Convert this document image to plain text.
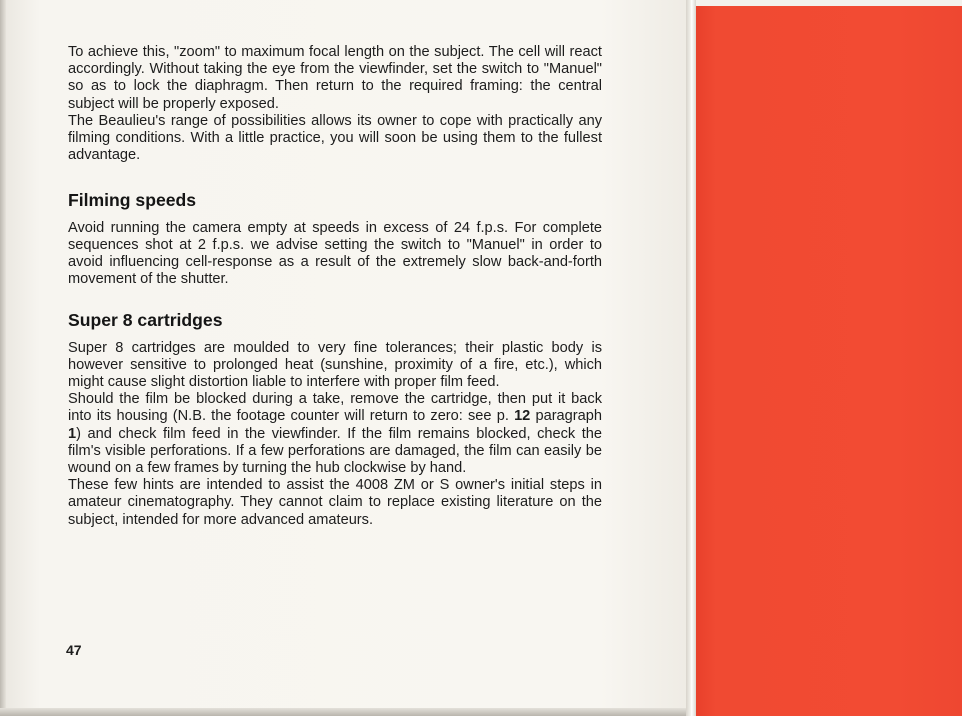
To achieve this, "zoom" to maximum focal length on the subject. The cell will react accordingly. Without taking the eye from the viewfinder, set the switch to "Manuel" so as to lock the diaphragm. Then return to the required framing: the central subject will be properly exposed.

The Beaulieu's range of possibilities allows its owner to cope with practically any filming conditions. With a little practice, you will soon be using them to the fullest advantage.

Filming speeds

Avoid running the camera empty at speeds in excess of 24 f.p.s. For complete sequences shot at 2 f.p.s. we advise setting the switch to "Manuel" in order to avoid influencing cell-response as a result of the extremely slow back-and-forth movement of the shutter.

Super 8 cartridges

Super 8 cartridges are moulded to very fine tolerances; their plastic body is however sensitive to prolonged heat (sunshine, proximity of a fire, etc.), which might cause slight distortion liable to interfere with proper film feed.

Should the film be blocked during a take, remove the cartridge, then put it back into its housing (N.B. the footage counter will return to zero: see p. 12 paragraph 1) and check film feed in the viewfinder. If the film remains blocked, check the film's visible perforations. If a few perforations are damaged, the film can easily be wound on a few frames by turning the hub clockwise by hand.

These few hints are intended to assist the 4008 ZM or S owner's initial steps in amateur cinematography. They cannot claim to replace existing literature on the subject, intended for more advanced amateurs.

47
